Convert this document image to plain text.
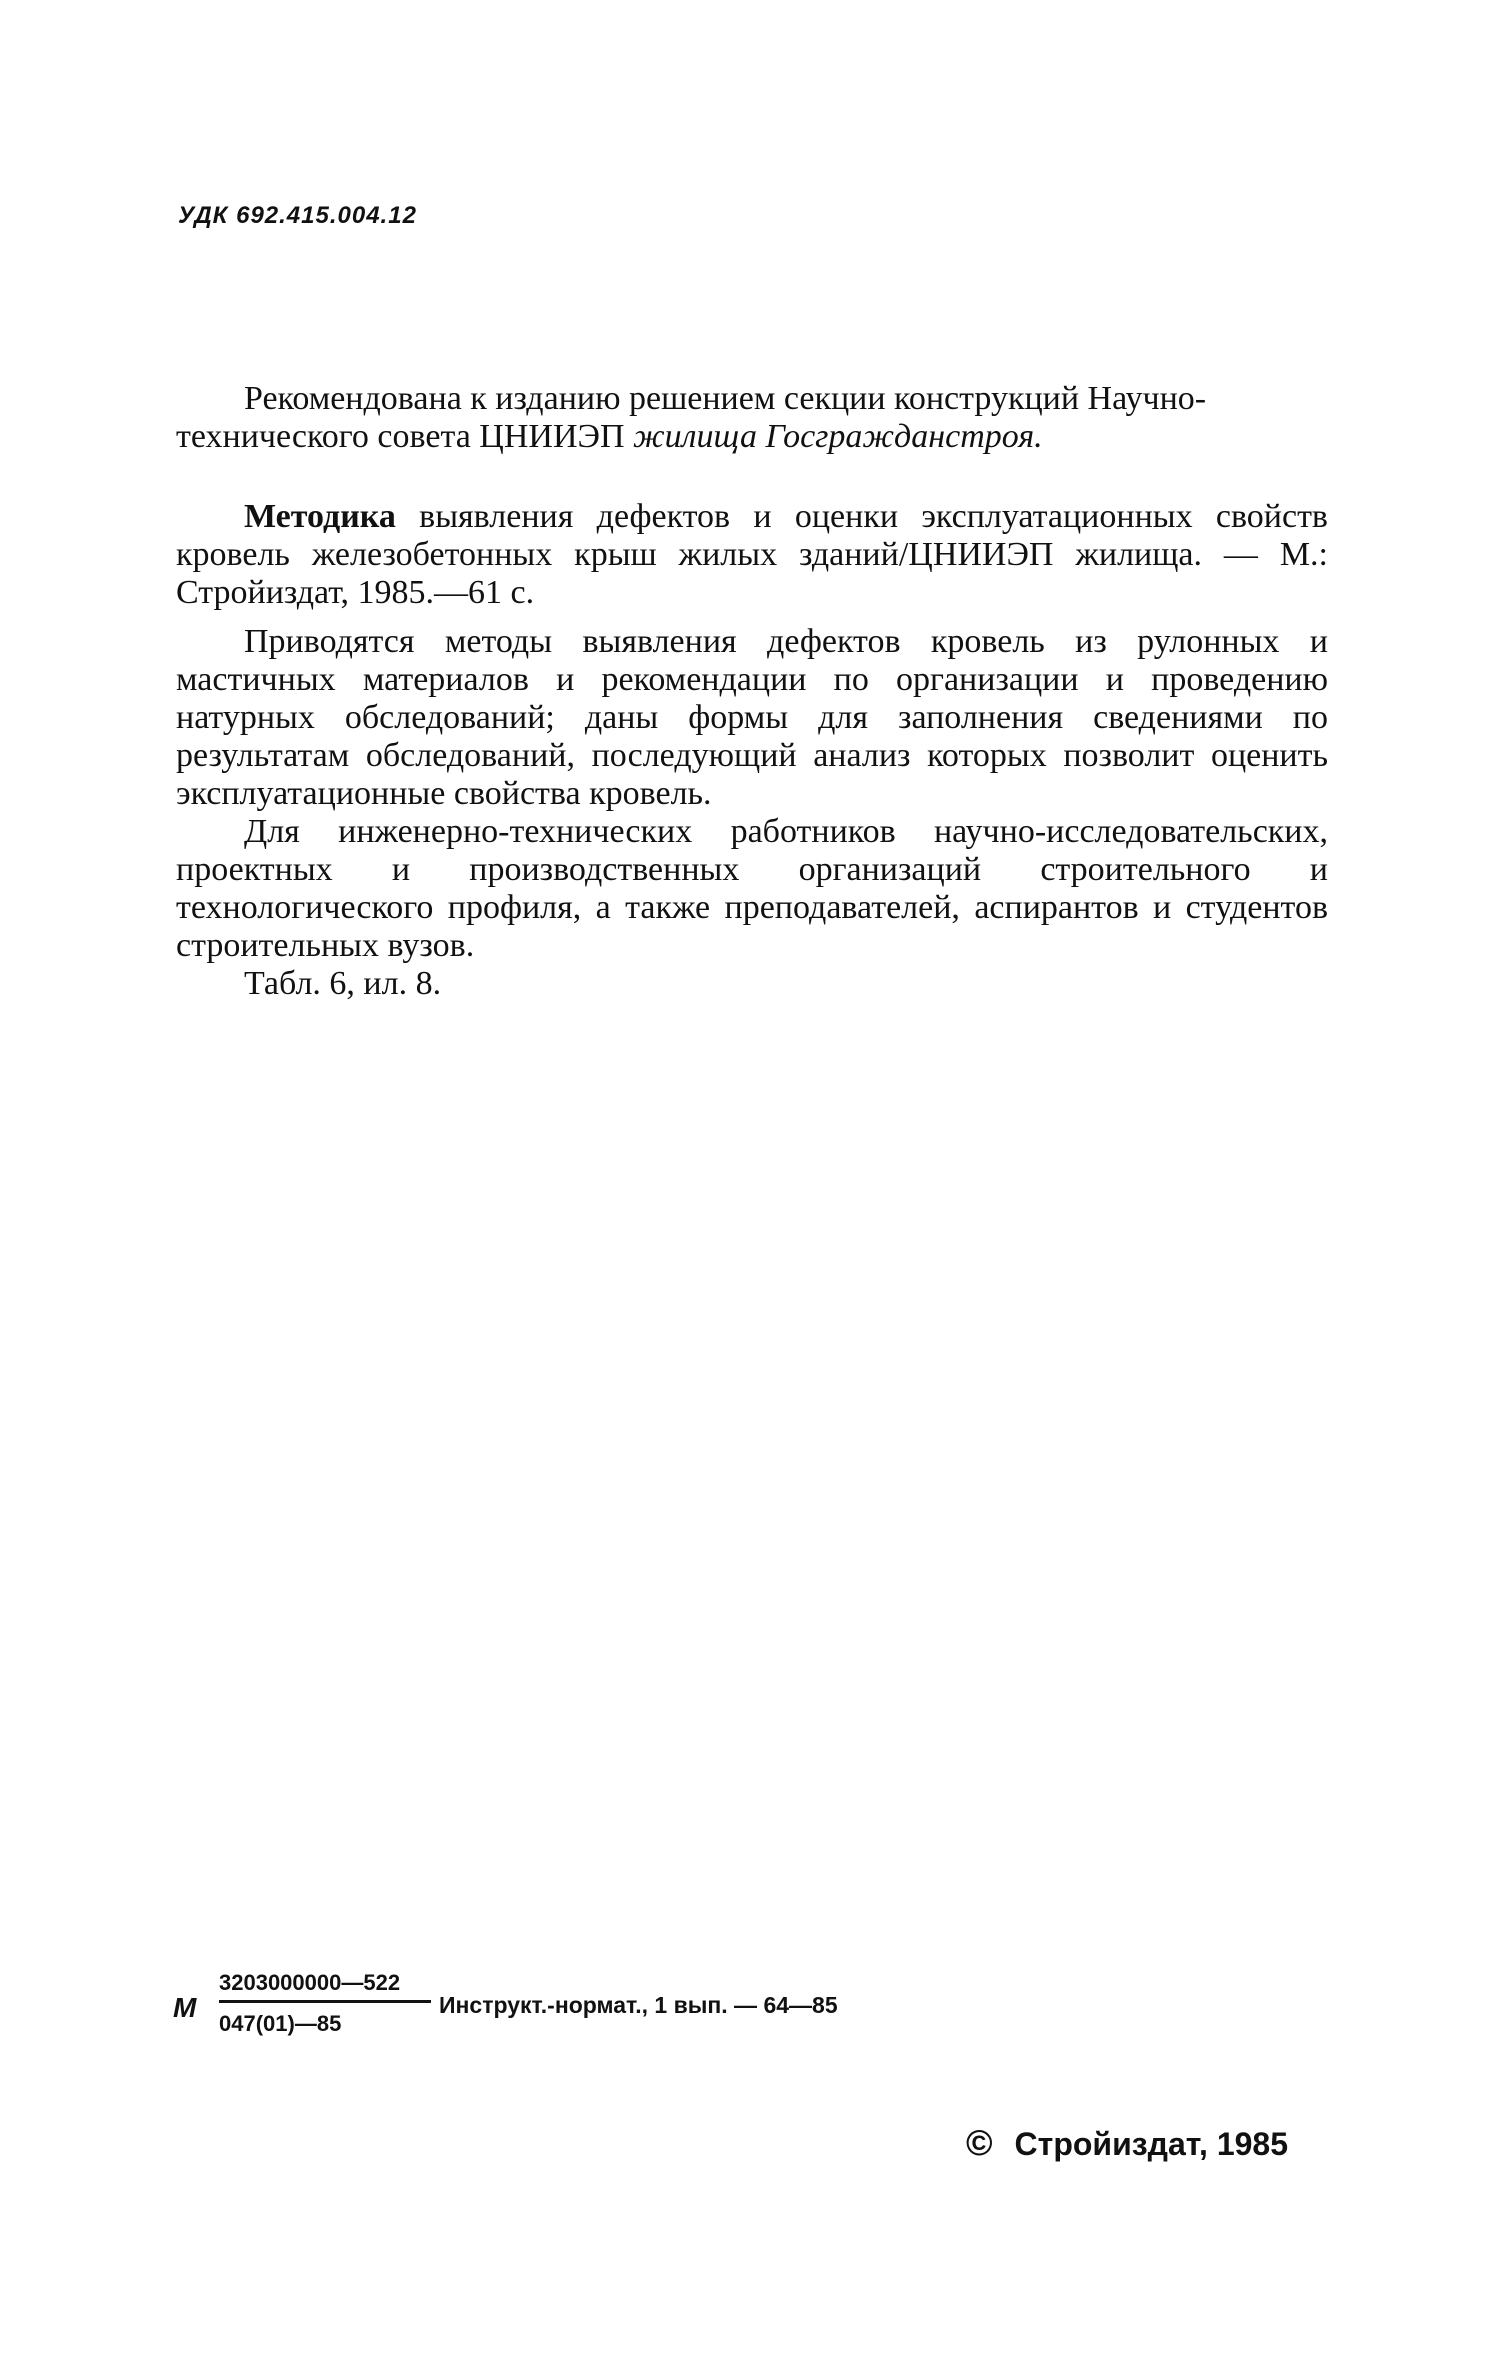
УДК 692.415.004.12

Рекомендована к изданию решением секции конструкций Научно-
технического совета ЦНИИЭП жилища Госгражданстроя.

Методика выявления дефектов и оценки эксплуатационных свойств кровель железобетонных крыш жилых зданий/ЦНИИЭП жилища. — М.: Стройиздат, 1985.—61 с.

Приводятся методы выявления дефектов кровель из рулонных и мастичных материалов и рекомендации по организации и проведению натурных обследований; даны формы для заполнения сведениями по результатам обследований, последующий анализ которых позволит оценить эксплуатационные свойства кровель.

Для инженерно-технических работников научно-исследовательских, проектных и производственных организаций строительного и технологического профиля, а также преподавателей, аспирантов и студентов строительных вузов.

Табл. 6, ил. 8.

М
3203000000—522
047(01)—85
Инструкт.-нормат., 1 вып. — 64—85
© Стройиздат, 1985
